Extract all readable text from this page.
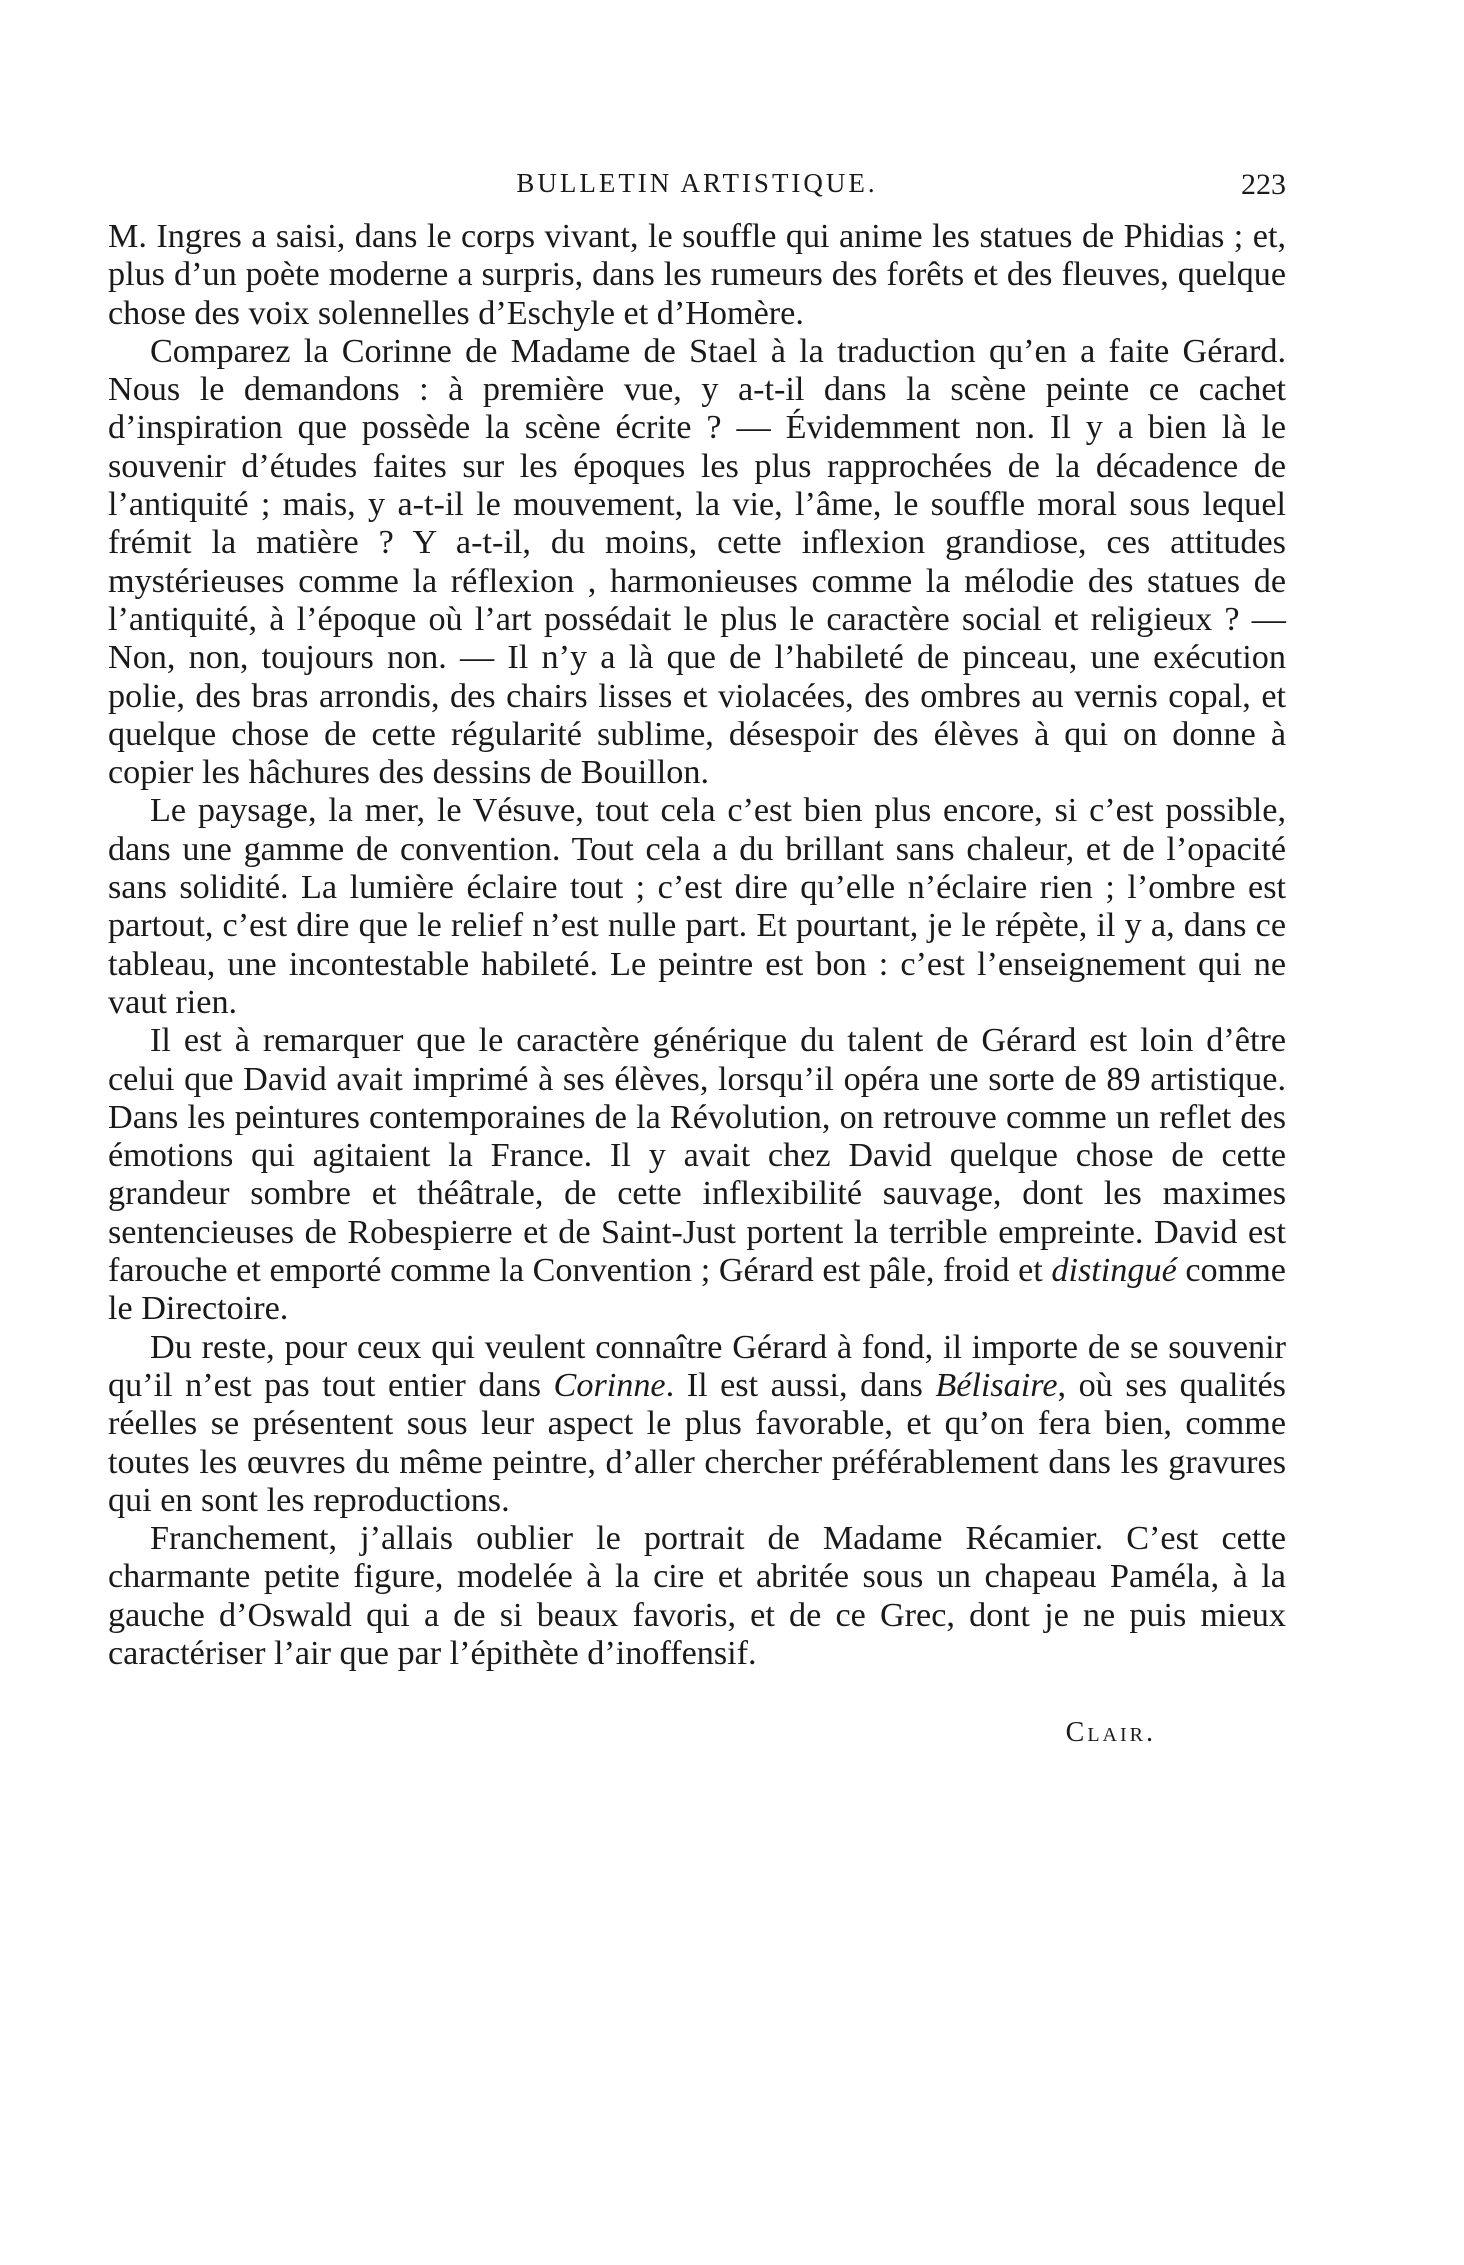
BULLETIN ARTISTIQUE.	223

M. Ingres a saisi, dans le corps vivant, le souffle qui anime les statues de Phidias ; et, plus d’un poète moderne a surpris, dans les rumeurs des forêts et des fleuves, quelque chose des voix solennelles d’Eschyle et d’Homère.

Comparez la Corinne de Madame de Stael à la traduction qu’en a faite Gérard. Nous le demandons : à première vue, y a-t-il dans la scène peinte ce cachet d’inspiration que possède la scène écrite ? — Évidemment non. Il y a bien là le souvenir d’études faites sur les époques les plus rapprochées de la décadence de l’antiquité ; mais, y a-t-il le mouvement, la vie, l’âme, le souffle moral sous lequel frémit la matière ? Y a-t-il, du moins, cette inflexion grandiose, ces attitudes mystérieuses comme la réflexion , harmonieuses comme la mélodie des statues de l’antiquité, à l’époque où l’art possédait le plus le caractère social et religieux ? — Non, non, toujours non. — Il n’y a là que de l’habileté de pinceau, une exécution polie, des bras arrondis, des chairs lisses et violacées, des ombres au vernis copal, et quelque chose de cette régularité sublime, désespoir des élèves à qui on donne à copier les hâchures des dessins de Bouillon.

Le paysage, la mer, le Vésuve, tout cela c’est bien plus encore, si c’est possible, dans une gamme de convention. Tout cela a du brillant sans chaleur, et de l’opacité sans solidité. La lumière éclaire tout ; c’est dire qu’elle n’éclaire rien ; l’ombre est partout, c’est dire que le relief n’est nulle part. Et pourtant, je le répète, il y a, dans ce tableau, une incontestable habileté. Le peintre est bon : c’est l’enseignement qui ne vaut rien.

Il est à remarquer que le caractère générique du talent de Gérard est loin d’être celui que David avait imprimé à ses élèves, lorsqu’il opéra une sorte de 89 artistique. Dans les peintures contemporaines de la Révolution, on retrouve comme un reflet des émotions qui agitaient la France. Il y avait chez David quelque chose de cette grandeur sombre et théâtrale, de cette inflexibilité sauvage, dont les maximes sentencieuses de Robespierre et de Saint-Just portent la terrible empreinte. David est farouche et emporté comme la Convention ; Gérard est pâle, froid et distingué comme le Directoire.

Du reste, pour ceux qui veulent connaître Gérard à fond, il importe de se souvenir qu’il n’est pas tout entier dans Corinne. Il est aussi, dans Bélisaire, où ses qualités réelles se présentent sous leur aspect le plus favorable, et qu’on fera bien, comme toutes les œuvres du même peintre, d’aller chercher préférablement dans les gravures qui en sont les reproductions.

Franchement, j’allais oublier le portrait de Madame Récamier. C’est cette charmante petite figure, modelée à la cire et abritée sous un chapeau Paméla, à la gauche d’Oswald qui a de si beaux favoris, et de ce Grec, dont je ne puis mieux caractériser l’air que par l’épithète d’inoffensif.

Clair.
